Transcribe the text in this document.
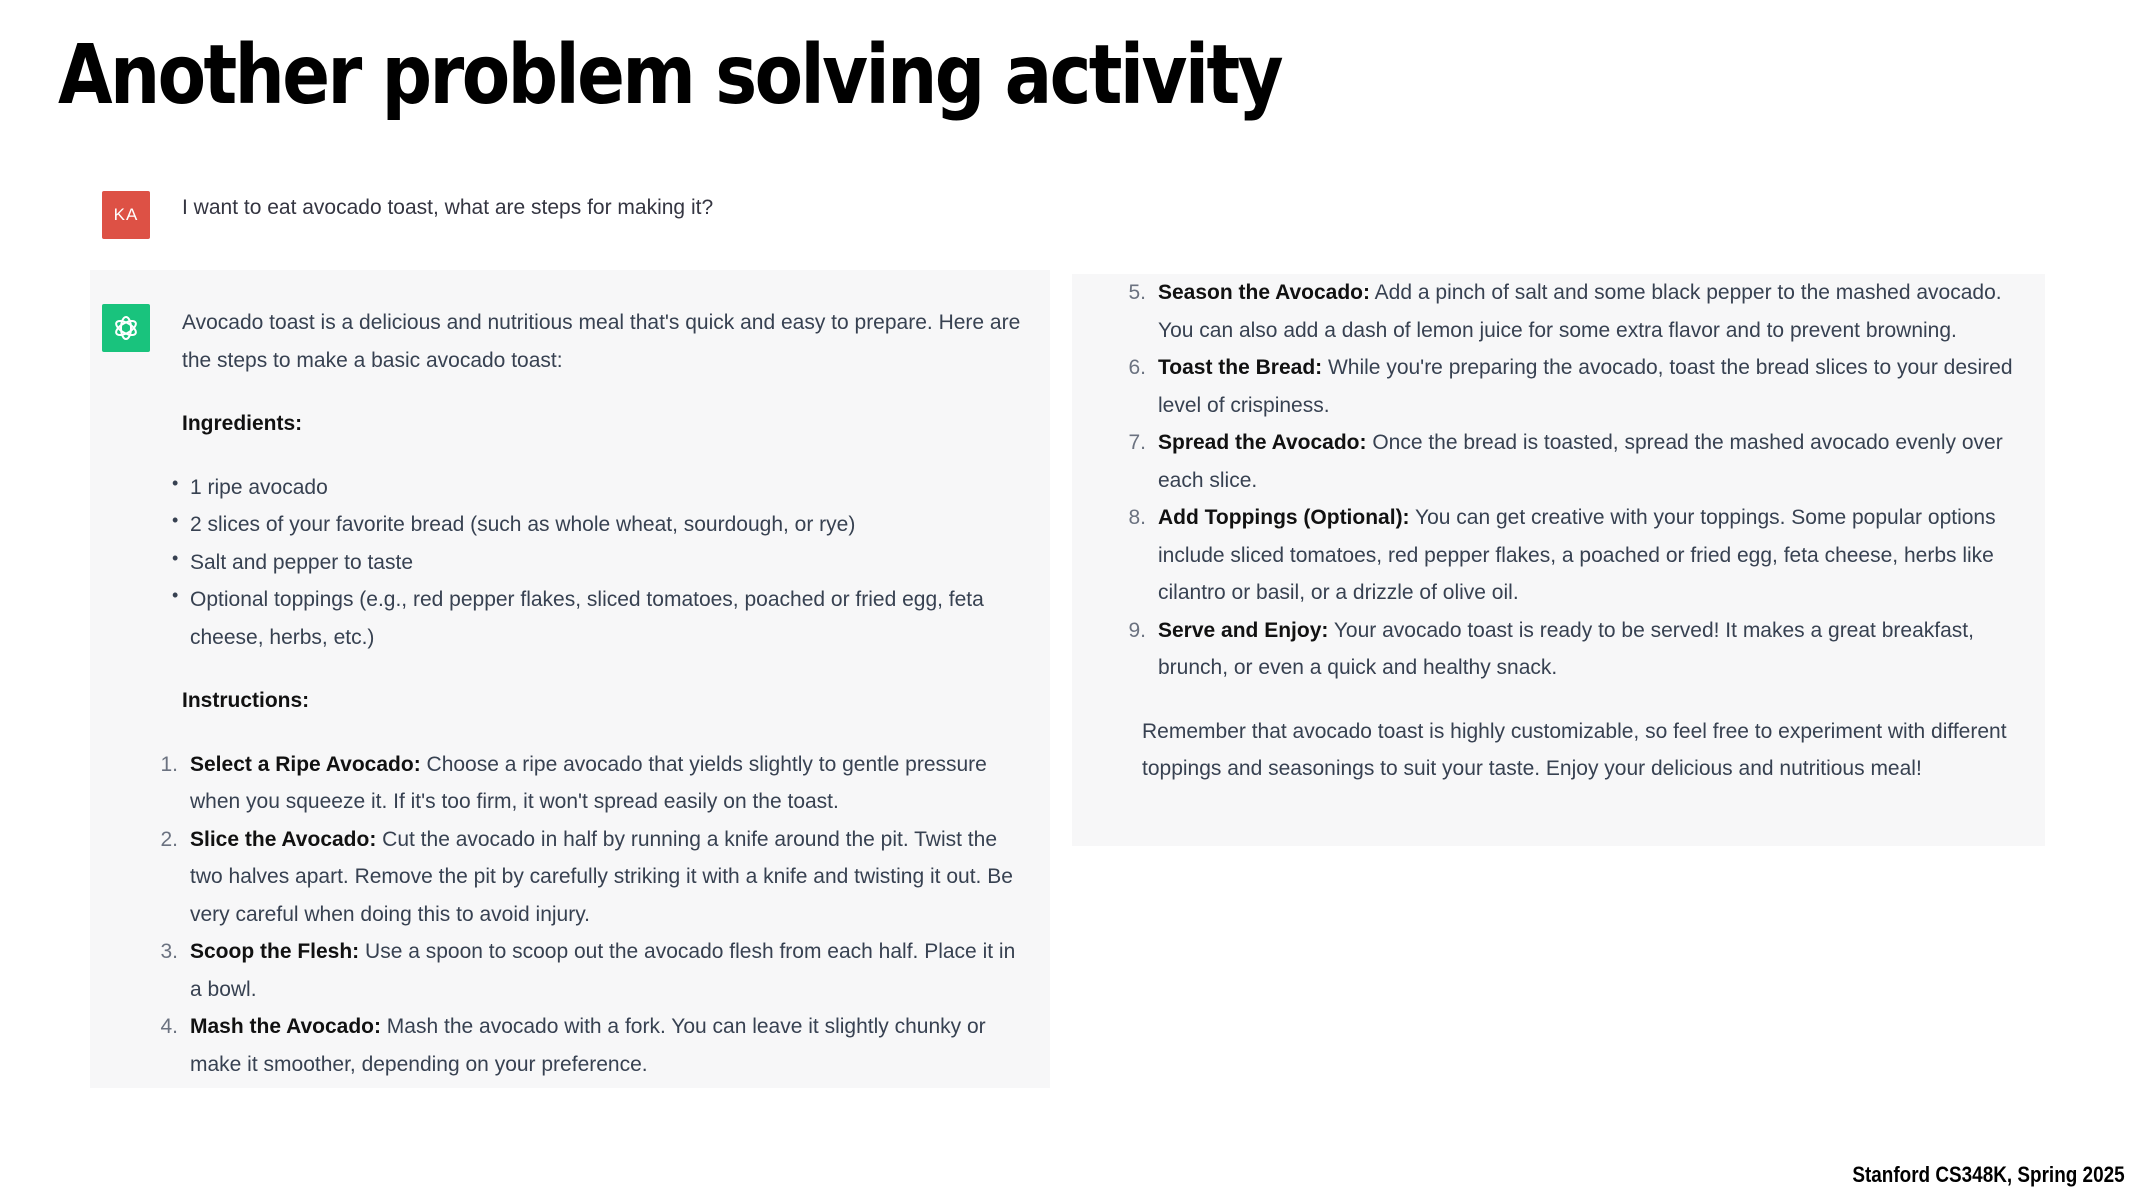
Another problem solving activity
KA	I want to eat avocado toast, what are steps for making it?

Avocado toast is a delicious and nutritious meal that's quick and easy to prepare. Here are the steps to make a basic avocado toast:

Ingredients:

• 1 ripe avocado
• 2 slices of your favorite bread (such as whole wheat, sourdough, or rye)
• Salt and pepper to taste
• Optional toppings (e.g., red pepper flakes, sliced tomatoes, poached or fried egg, feta cheese, herbs, etc.)

Instructions:

1. Select a Ripe Avocado: Choose a ripe avocado that yields slightly to gentle pressure when you squeeze it. If it's too firm, it won't spread easily on the toast.
2. Slice the Avocado: Cut the avocado in half by running a knife around the pit. Twist the two halves apart. Remove the pit by carefully striking it with a knife and twisting it out. Be very careful when doing this to avoid injury.
3. Scoop the Flesh: Use a spoon to scoop out the avocado flesh from each half. Place it in a bowl.
4. Mash the Avocado: Mash the avocado with a fork. You can leave it slightly chunky or make it smoother, depending on your preference.
5. Season the Avocado: Add a pinch of salt and some black pepper to the mashed avocado. You can also add a dash of lemon juice for some extra flavor and to prevent browning.
6. Toast the Bread: While you're preparing the avocado, toast the bread slices to your desired level of crispiness.
7. Spread the Avocado: Once the bread is toasted, spread the mashed avocado evenly over each slice.
8. Add Toppings (Optional): You can get creative with your toppings. Some popular options include sliced tomatoes, red pepper flakes, a poached or fried egg, feta cheese, herbs like cilantro or basil, or a drizzle of olive oil.
9. Serve and Enjoy: Your avocado toast is ready to be served! It makes a great breakfast, brunch, or even a quick and healthy snack.

Remember that avocado toast is highly customizable, so feel free to experiment with different toppings and seasonings to suit your taste. Enjoy your delicious and nutritious meal!

Stanford CS348K, Spring 2025
